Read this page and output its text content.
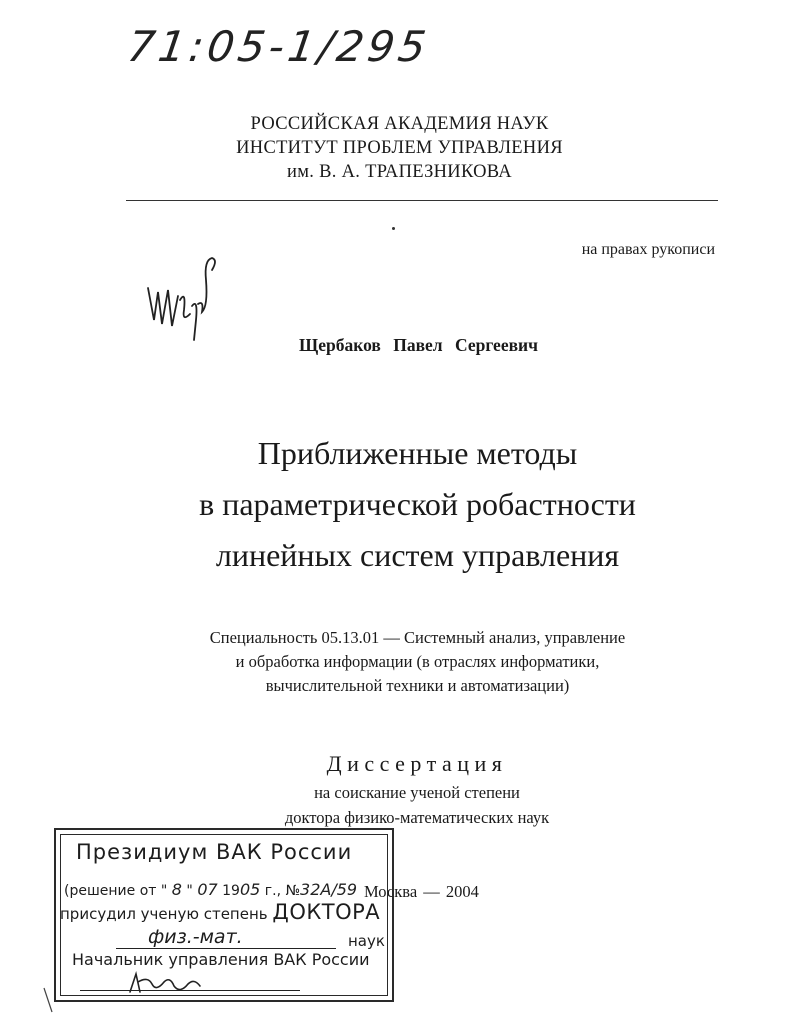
71:05-1/295
РОССИЙСКАЯ АКАДЕМИЯ НАУК
ИНСТИТУТ ПРОБЛЕМ УПРАВЛЕНИЯ
им. В. А. ТРАПЕЗНИКОВА
на правах рукописи
Щербаков Павел Сергеевич
Приближенные методы
в параметрической робастности
линейных систем управления
Специальность 05.13.01 — Системный анализ, управление
и обработка информации (в отраслях информатики,
вычислительной техники и автоматизации)
Диссертация
на соискание ученой степени
доктора физико-математических наук
Москва — 2004
Президиум ВАК России
(решение от " 8 " 07 1905 г., №32А/59
присудил ученую степень ДОКТОРА
физ.-мат.	наук
Начальник управления ВАК России
